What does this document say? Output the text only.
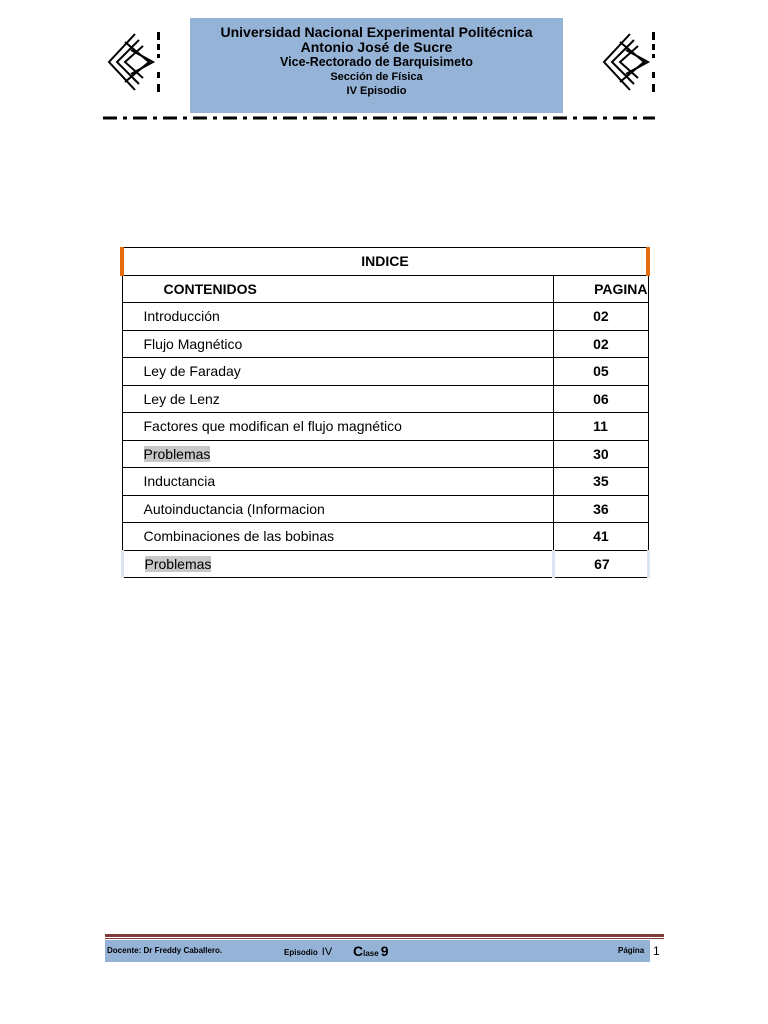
Universidad Nacional Experimental Politécnica
Antonio José de Sucre
Vice-Rectorado de Barquisimeto
Sección de Física
IV Episodio
INDICE	
CONTENIDOS	PAGINA
Introducción	02
Flujo Magnético	02
Ley de Faraday	05
Ley de Lenz	06
Factores que modifican el flujo magnético	11
Problemas	30
Inductancia	35
Autoinductancia (Informacion	36
Combinaciones de las bobinas	41
Problemas	67
Docente: Dr Freddy Caballero.	Episodio IV Clase 9	Página 1
